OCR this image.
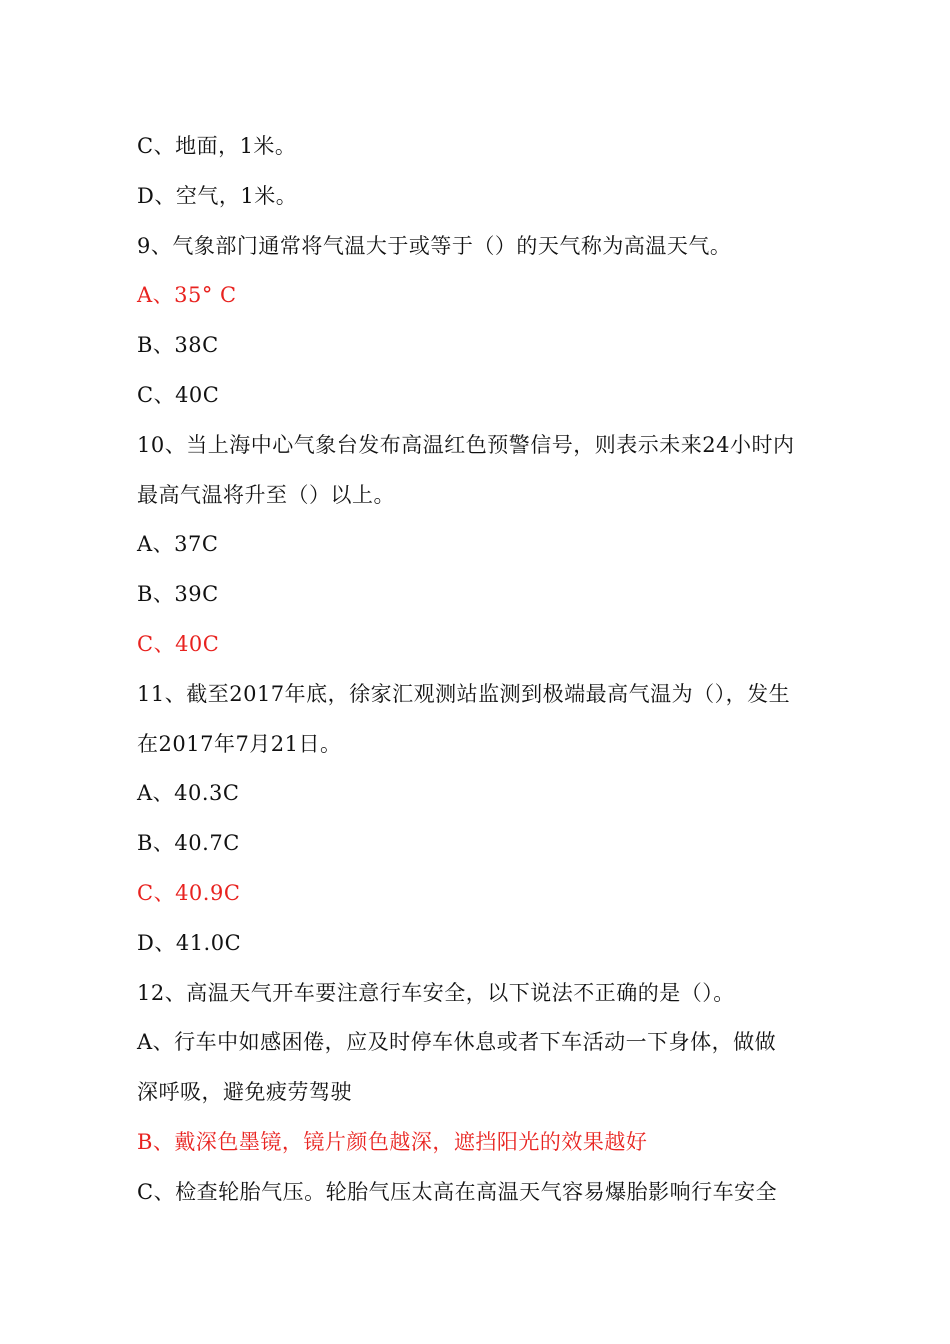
C、地面，1米。
D、空气，1米。
9、气象部门通常将气温大于或等于（）的天气称为高温天气。
A、35° C
B、38C
C、40C
10、当上海中心气象台发布高温红色预警信号，则表示未来24小时内
最高气温将升至（）以上。
A、37C
B、39C
C、40C
11、截至2017年底，徐家汇观测站监测到极端最高气温为（），发生
在2017年7月21日。
A、40.3C
B、40.7C
C、40.9C
D、41.0C
12、高温天气开车要注意行车安全，以下说法不正确的是（）。
A、行车中如感困倦，应及时停车休息或者下车活动一下身体，做做
深呼吸，避免疲劳驾驶
B、戴深色墨镜，镜片颜色越深，遮挡阳光的效果越好
C、检查轮胎气压。轮胎气压太高在高温天气容易爆胎影响行车安全
